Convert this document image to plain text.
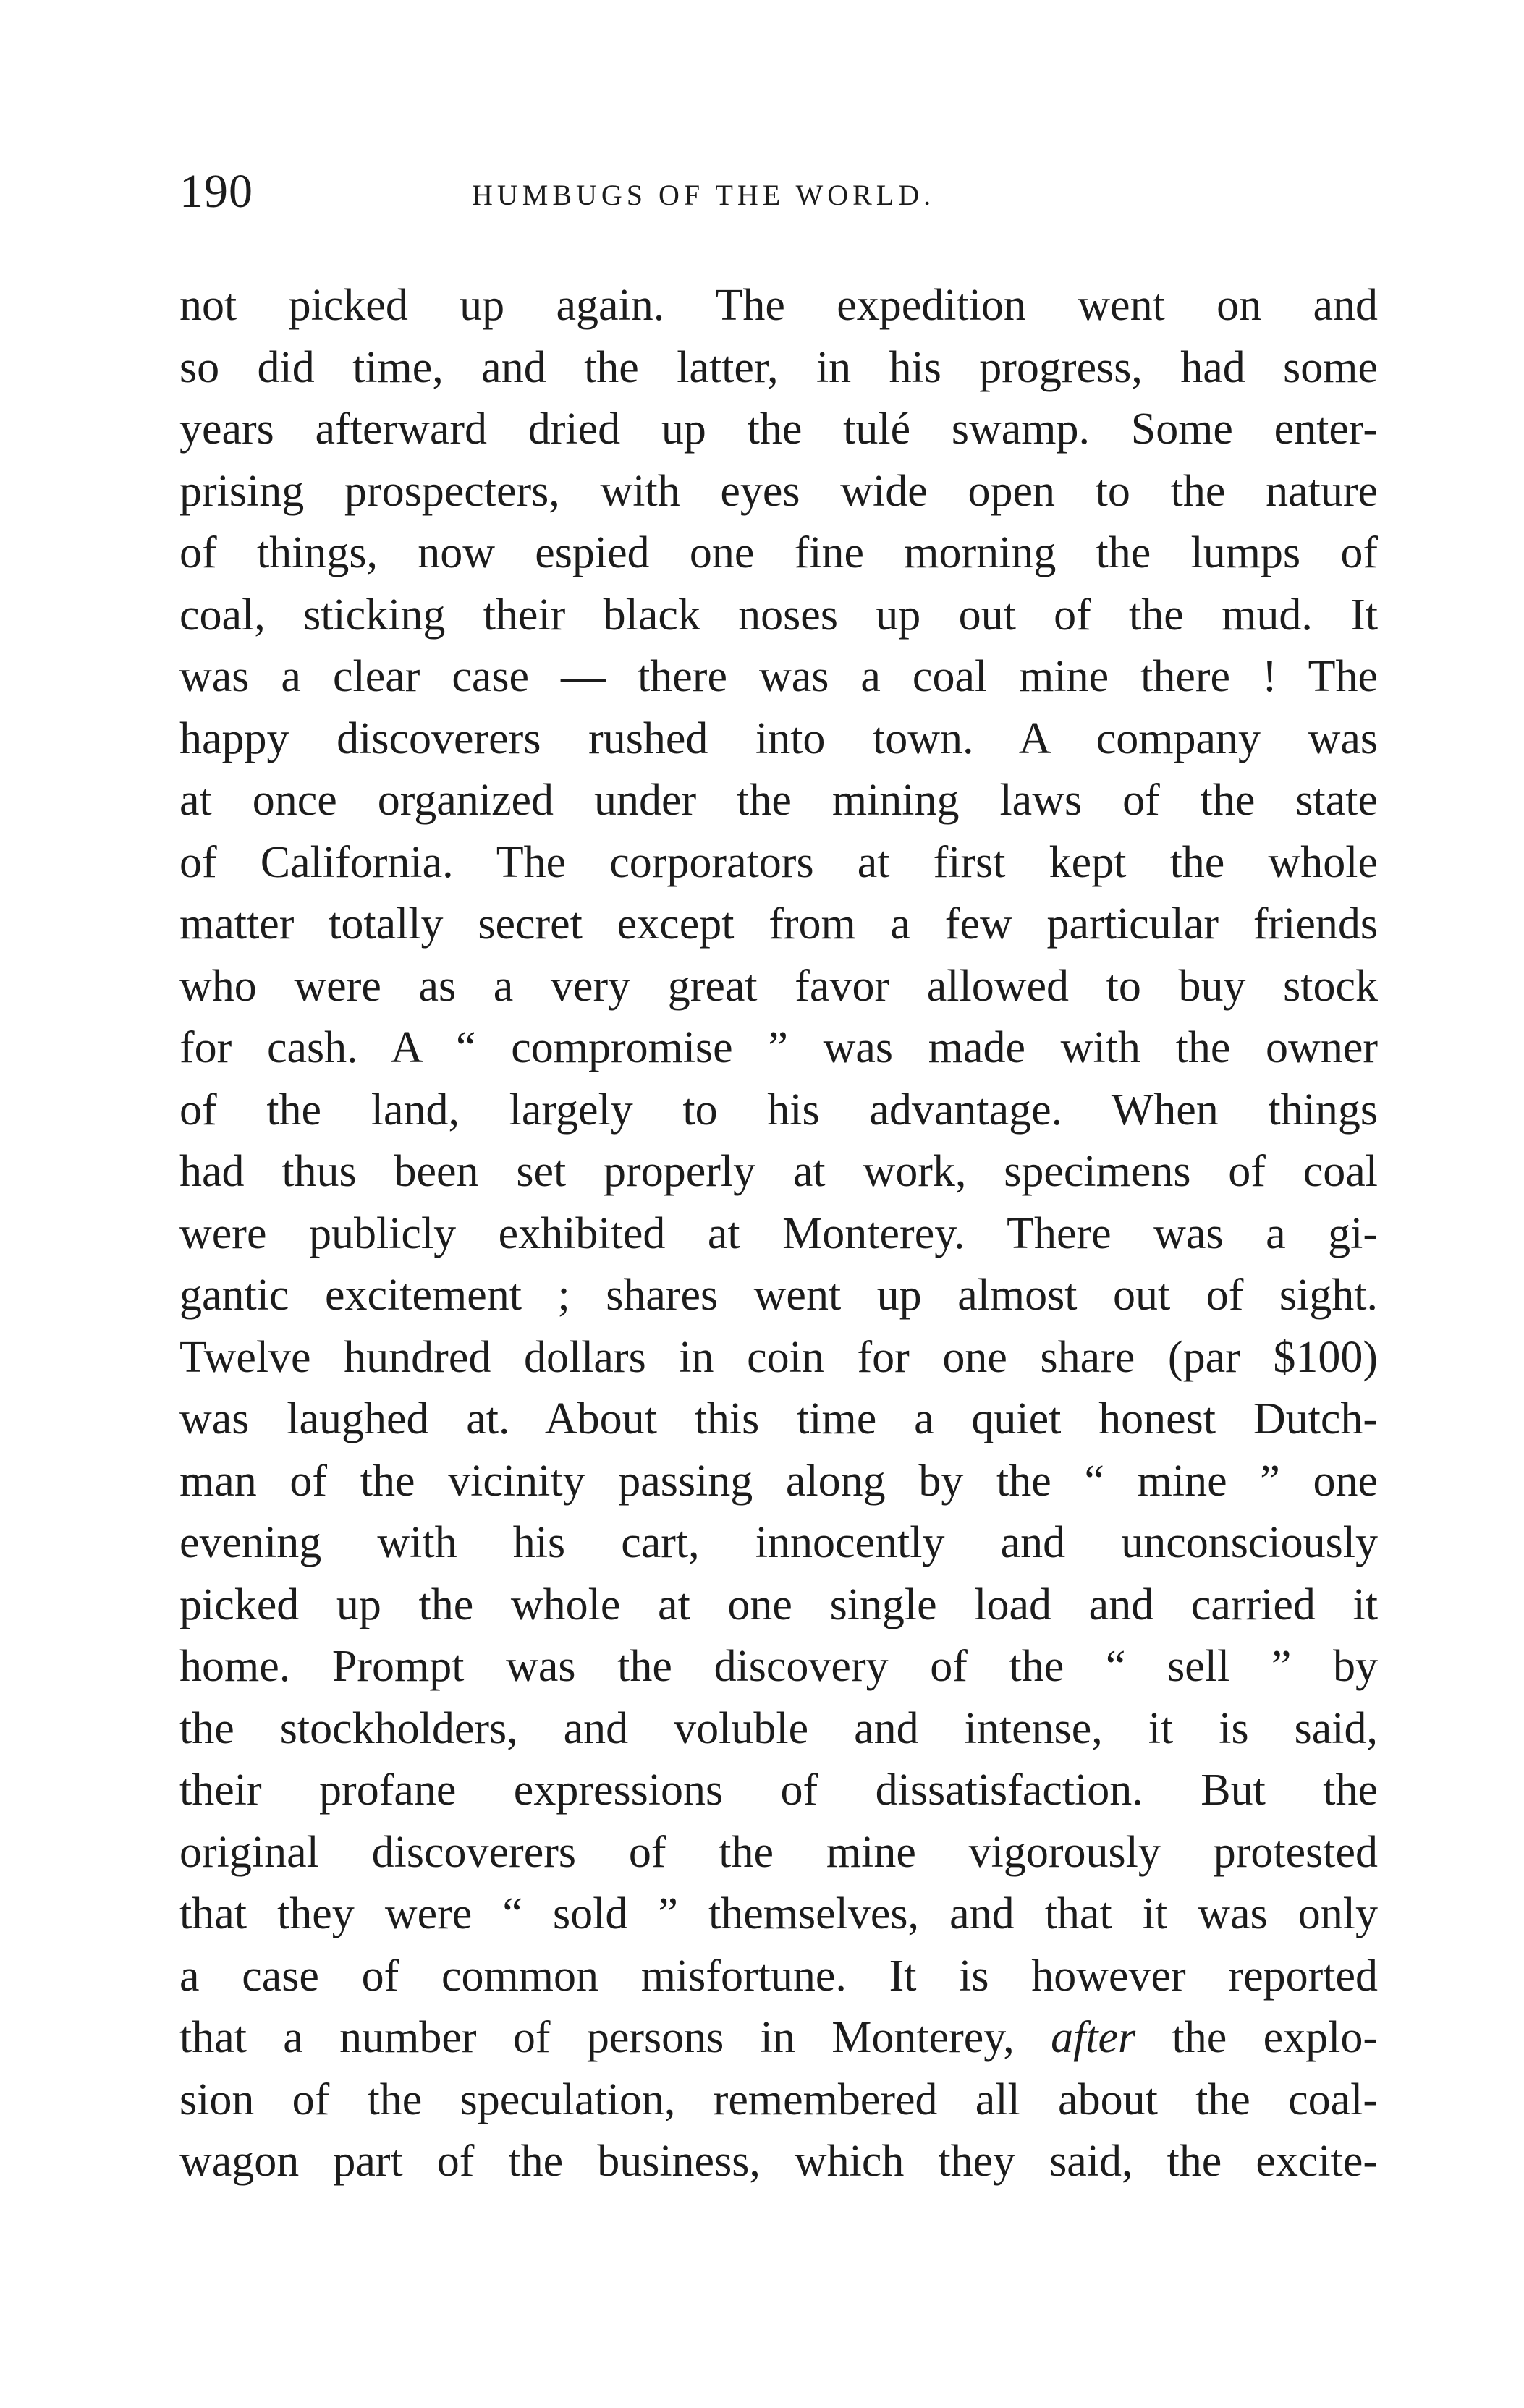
190	HUMBUGS OF THE WORLD.
not picked up again. The expedition went on and
so did time, and the latter, in his progress, had some
years afterward dried up the tulé swamp. Some enter-
prising prospecters, with eyes wide open to the nature
of things, now espied one fine morning the lumps of
coal, sticking their black noses up out of the mud. It
was a clear case — there was a coal mine there ! The
happy discoverers rushed into town. A company was
at once organized under the mining laws of the state
of California. The corporators at first kept the whole
matter totally secret except from a few particular friends
who were as a very great favor allowed to buy stock
for cash. A “ compromise ” was made with the owner
of the land, largely to his advantage. When things
had thus been set properly at work, specimens of coal
were publicly exhibited at Monterey. There was a gi-
gantic excitement ; shares went up almost out of sight.
Twelve hundred dollars in coin for one share (par $100)
was laughed at. About this time a quiet honest Dutch-
man of the vicinity passing along by the “ mine ” one
evening with his cart, innocently and unconsciously
picked up the whole at one single load and carried it
home. Prompt was the discovery of the “ sell ” by
the stockholders, and voluble and intense, it is said,
their profane expressions of dissatisfaction. But the
original discoverers of the mine vigorously protested
that they were “ sold ” themselves, and that it was only
a case of common misfortune. It is however reported
that a number of persons in Monterey, after the explo-
sion of the speculation, remembered all about the coal-
wagon part of the business, which they said, the excite-
